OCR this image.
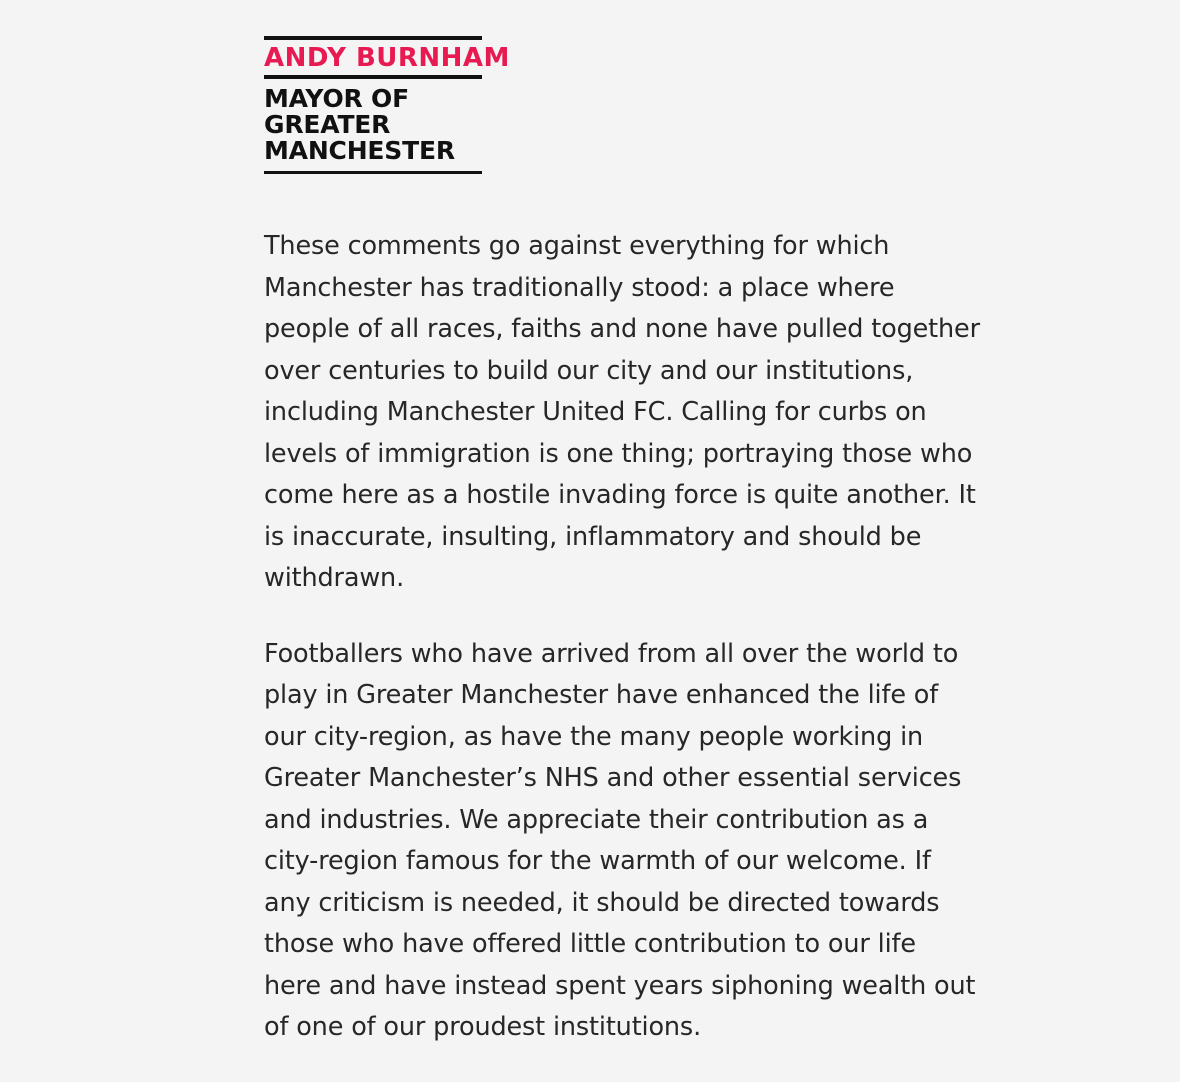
ANDY BURNHAM
MAYOR OF
GREATER
MANCHESTER

These comments go against everything for which Manchester has traditionally stood: a place where people of all races, faiths and none have pulled together over centuries to build our city and our institutions, including Manchester United FC. Calling for curbs on levels of immigration is one thing; portraying those who come here as a hostile invading force is quite another. It is inaccurate, insulting, inflammatory and should be withdrawn.

Footballers who have arrived from all over the world to play in Greater Manchester have enhanced the life of our city-region, as have the many people working in Greater Manchester’s NHS and other essential services and industries. We appreciate their contribution as a city-region famous for the warmth of our welcome. If any criticism is needed, it should be directed towards those who have offered little contribution to our life here and have instead spent years siphoning wealth out of one of our proudest institutions.
